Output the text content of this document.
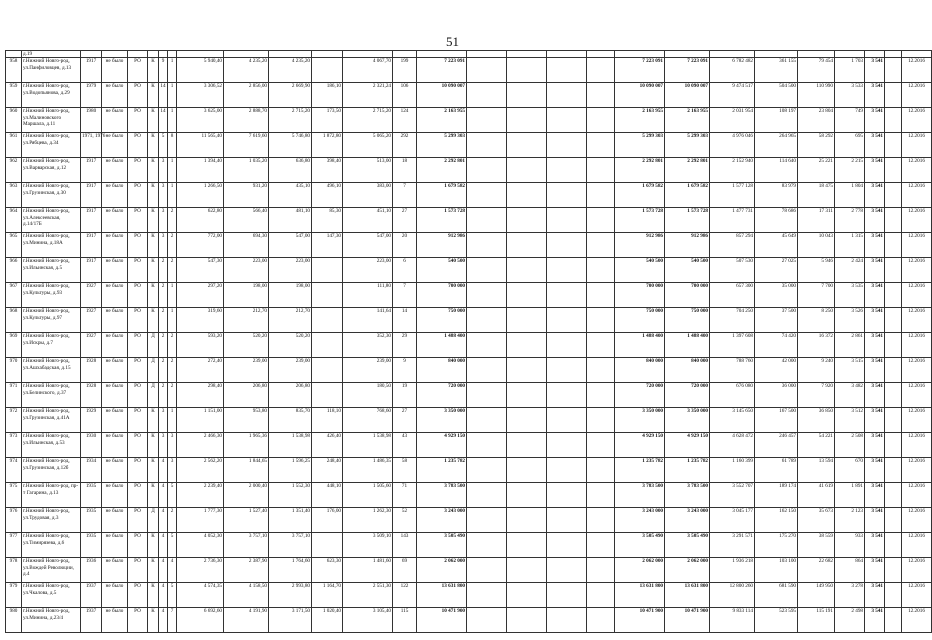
51
	д.19																										
958	г.Нижний Новго-род, ул.Панфиловцев, д.13	1917	не было	РО	К	9	1	5 940,40	4 235,20	4 235,20		4 067,70	199	7 223 091					7 223 091	7 223 091	6 782 482	361 155	79 454	1 703	3 541		12.2016
959	г.Нижний Новго-род, ул.Водопьянова, д.29	1979	не было	РО	К	14	1	3 306,52	2 856,00	2 669,90	186,10	2 321,24	106	10 090 007					10 090 007	10 090 007	9 474 517	504 500	110 990	3 533	3 541		12.2016
960	г.Нижний Новго-род, ул.Малиновского Маршала, д.11	1980	не было	РО	К	14	1	3 625,00	2 888,70	2 715,20	173,50	2 715,20	124	2 163 955					2 163 955	2 163 955	2 031 954	108 197	23 804	749	3 541		12.2016
961	г.Нижний Новго-род, ул.Рябцева, д.34	1971, 1976	не было	РО	К	5	8	11 565,40	7 619,60	5 746,80	1 872,80	5 065,20	292	5 299 303					5 299 303	5 299 303	4 976 046	264 965	58 292	695	3 541		12.2016
962	г.Нижний Новго-род, ул.Варварская, д.12	1917	не было	РО	К	3	1	1 394,40	1 035,20	636,80	398,40	513,00	18	2 292 801					2 292 801	2 292 801	2 152 940	114 640	25 221	2 215	3 541		12.2016
963	г.Нижний Новго-род, ул.Грузинская, д.30	1917	не было	РО	К	3	1	1 266,50	931,20	435,10	496,10	383,00	7	1 679 582					1 679 582	1 679 582	1 577 128	83 979	18 475	1 804	3 541		12.2016
964	г.Нижний Новго-род, ул.Алексеевская, д.14/17Б	1917	не было	РО	К	3	2	622,80	566,40	481,10	85,30	451,10	27	1 573 728					1 573 728	1 573 728	1 477 731	78 686	17 311	2 778	3 541		12.2016
965	г.Нижний Новго-род, ул.Минина, д.18А	1917	не было	РО	К	3	2	772,00	694,30	547,00	147,30	547,00	20	912 986					912 986	912 986	857 294	45 649	10 043	1 315	3 541		12.2016
966	г.Нижний Новго-род, ул.Ильинская, д.5	1917	не было	РО	К	2	2	547,30	223,00	223,00		223,00	6	540 500					540 500	540 500	507 530	27 025	5 946	2 424	3 541		12.2016
967	г.Нижний Новго-род, ул.Культуры, д.93	1927	не было	РО	К	2	1	297,20	198,00	198,00		111,80	7	700 000					700 000	700 000	657 300	35 000	7 700	3 535	3 541		12.2016
968	г.Нижний Новго-род, ул.Культуры, д.97	1927	не было	РО	К	2	1	319,60	212,70	212,70		141,64	14	750 000					750 000	750 000	704 250	37 500	8 250	3 526	3 541		12.2016
969	г.Нижний Новго-род, ул.Искры, д.7	1927	не было	РО	Д	2	2	593,20	520,20	520,20		352,30	29	1 488 400					1 488 400	1 488 400	1 397 608	74 420	16 372	2 861	3 541		12.2016
970	г.Нижний Новго-род, ул.Ашхабадская, д.15	1928	не было	РО	Д	2	2	272,40	239,00	239,00		239,00	9	840 000					840 000	840 000	788 760	42 000	9 240	3 515	3 541		12.2016
971	г.Нижний Новго-род, ул.Белинского, д.37	1928	не было	РО	Д	2	2	298,40	206,80	206,80		180,50	19	720 000					720 000	720 000	676 080	36 000	7 920	3 482	3 541		12.2016
972	г.Нижний Новго-род, ул.Грузинская, д.41А	1929	не было	РО	К	3	1	1 151,00	953,80	835,70	118,10	768,60	27	3 350 000					3 350 000	3 350 000	3 145 650	167 500	36 850	3 512	3 541		12.2016
973	г.Нижний Новго-род, ул.Ильинская, д.53	1930	не было	РО	К	3	3	2 466,30	1 965,36	1 538,98	426,40	1 538,98	43	4 929 150					4 929 150	4 929 150	4 628 472	246 457	54 221	2 508	3 541		12.2016
974	г.Нижний Новго-род, ул.Грузинская, д.12б	1934	не было	РО	К	4	3	2 562,20	1 844,65	1 596,25	248,40	1 486,35	58	1 235 782					1 235 782	1 235 782	1 160 399	61 789	13 594	670	3 541		12.2016
975	г.Нижний Новго-род, пр-т Гагарина, д.13	1935	не было	РО	К	4	5	2 239,40	2 000,40	1 552,30	448,10	1 505,60	71	3 783 500					3 783 500	3 783 500	3 552 707	189 174	41 619	1 891	3 541		12.2016
976	г.Нижний Новго-род, ул.Трудовая, д.3	1935	не было	РО	Д	4	2	1 777,30	1 527,40	1 351,40	176,00	1 262,30	52	3 243 000					3 243 000	3 243 000	3 045 177	162 150	35 673	2 123	3 541		12.2016
977	г.Нижний Новго-род, ул.Тимирязева, д.6	1935	не было	РО	К	4	5	4 052,30	3 757,10	3 757,10		3 509,10	143	3 505 490					3 505 490	3 505 490	3 291 571	175 270	38 559	933	3 541		12.2016
978	г.Нижний Новго-род, ул.Вождей Революции, д.4	1936	не было	РО	К	4	4	2 736,30	2 387,90	1 764,60	623,30	1 481,60	69	2 062 000					2 062 000	2 062 000	1 936 218	103 100	22 682	864	3 541		12.2016
979	г.Нижний Новго-род, ул.Чкалова, д.5	1937	не было	РО	К	4	5	4 574,35	4 158,50	2 993,80	1 164,70	2 551,30	122	13 631 800					13 631 800	13 631 800	12 800 260	681 590	149 950	3 278	3 541		12.2016
980	г.Нижний Новго-род, ул.Минина, д.23/4	1937	не было	РО	К	4	7	6 692,60	4 191,90	3 171,50	1 020,40	3 105,40	115	10 471 900					10 471 900	10 471 900	9 833 114	523 595	115 191	2 498	3 541		12.2016
